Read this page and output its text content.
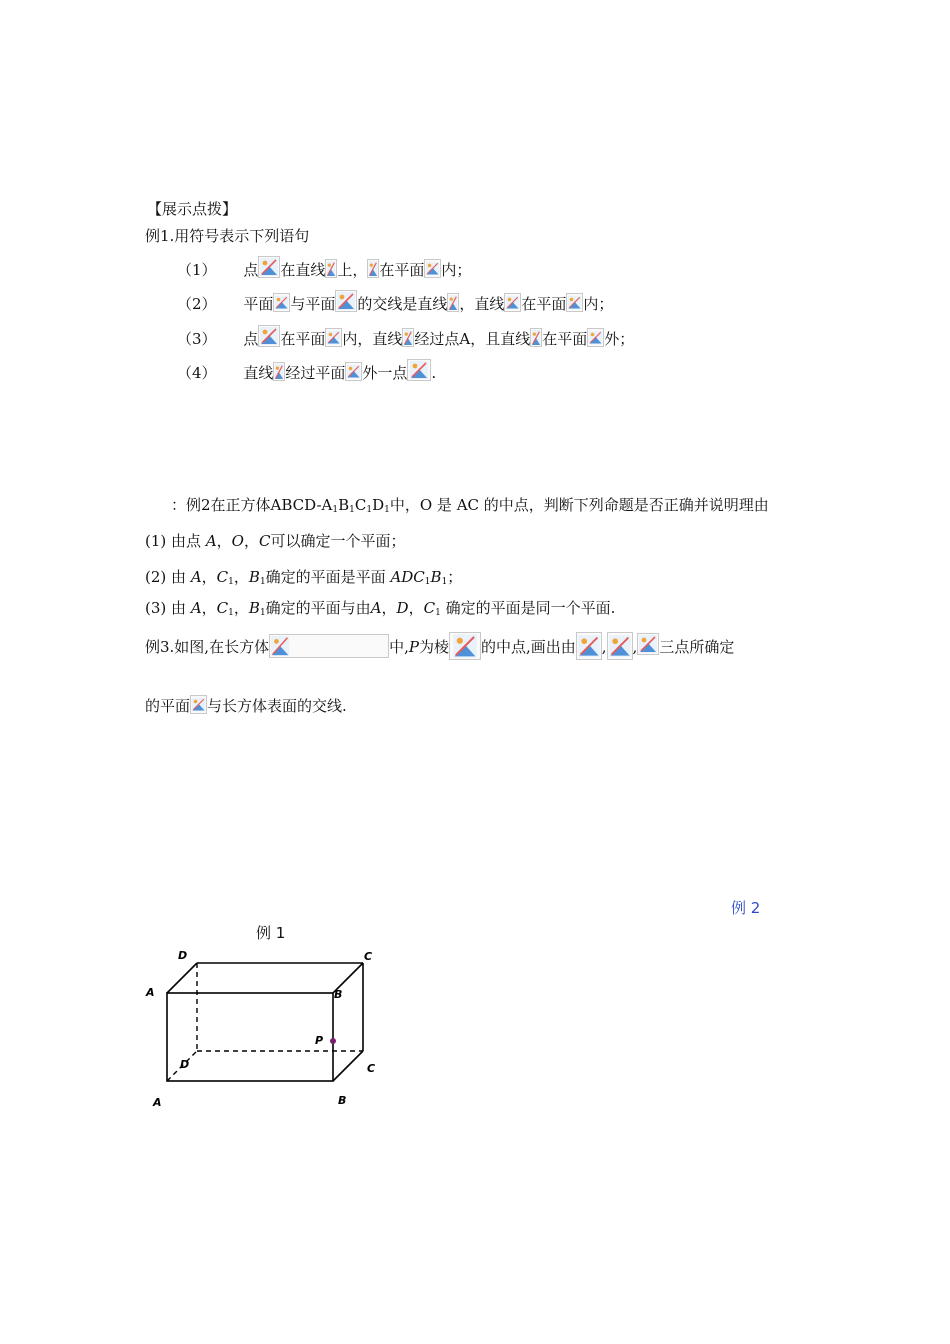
【展示点拨】
例1.用符号表示下列语句
（1） 点 在直线 上， 在平面 内；
（2） 平面 与平面 的交线是直线 ，直线 在平面 内；
（3） 点 在平面 内，直线 经过点A，且直线 在平面 外；
（4） 直线 经过平面 外一点 .
：例2在正方体ABCD-$A_1B_1C_1D_1$中，O 是 AC 的中点，判断下列命题是否正确并说明理由
(1) 由点 A，O，C可以确定一个平面；
(2) 由 A，$C_1$，$B_1$确定的平面是平面 $ADC_1B_1$；
(3) 由 A，$C_1$，$B_1$确定的平面与由A，D，$C_1$ 确定的平面是同一个平面.
例3.如图,在长方体	中,P为棱 的中点,画出由 , , 三点所确定
的平面 与长方体表面的交线.
例 1
例 2
D	C
A	B
P
D	C
A	B
